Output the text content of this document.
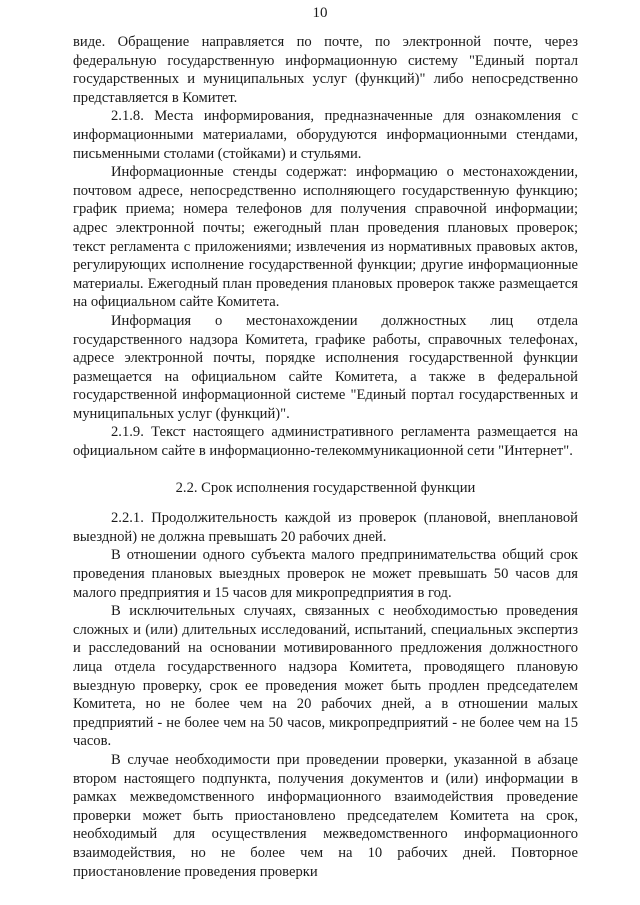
10

виде. Обращение направляется по почте, по электронной почте, через федеральную государственную информационную систему "Единый портал государственных и муниципальных услуг (функций)" либо непосредственно представляется в Комитет.

2.1.8. Места информирования, предназначенные для ознакомления с информационными материалами, оборудуются информационными стендами, письменными столами (стойками) и стульями.

Информационные стенды содержат: информацию о местонахождении, почтовом адресе, непосредственно исполняющего государственную функцию; график приема; номера телефонов для получения справочной информации; адрес электронной почты; ежегодный план проведения плановых проверок; текст регламента с приложениями; извлечения из нормативных правовых актов, регулирующих исполнение государственной функции; другие информационные материалы. Ежегодный план проведения плановых проверок также размещается на официальном сайте Комитета.

Информация о местонахождении должностных лиц отдела государственного надзора Комитета, графике работы, справочных телефонах, адресе электронной почты, порядке исполнения государственной функции размещается на официальном сайте Комитета, а также в федеральной государственной информационной системе "Единый портал государственных и муниципальных услуг (функций)".

2.1.9. Текст настоящего административного регламента размещается на официальном сайте в информационно-телекоммуникационной сети "Интернет".

2.2. Срок исполнения государственной функции

2.2.1. Продолжительность каждой из проверок (плановой, внеплановой выездной) не должна превышать 20 рабочих дней.

В отношении одного субъекта малого предпринимательства общий срок проведения плановых выездных проверок не может превышать 50 часов для малого предприятия и 15 часов для микропредприятия в год.

В исключительных случаях, связанных с необходимостью проведения сложных и (или) длительных исследований, испытаний, специальных экспертиз и расследований на основании мотивированного предложения должностного лица отдела государственного надзора Комитета, проводящего плановую выездную проверку, срок ее проведения может быть продлен председателем Комитета, но не более чем на 20 рабочих дней, а в отношении малых предприятий - не более чем на 50 часов, микропредприятий - не более чем на 15 часов.

В случае необходимости при проведении проверки, указанной в абзаце втором настоящего подпункта, получения документов и (или) информации в рамках межведомственного информационного взаимодействия проведение проверки может быть приостановлено председателем Комитета на срок, необходимый для осуществления межведомственного информационного взаимодействия, но не более чем на 10 рабочих дней. Повторное приостановление проведения проверки
